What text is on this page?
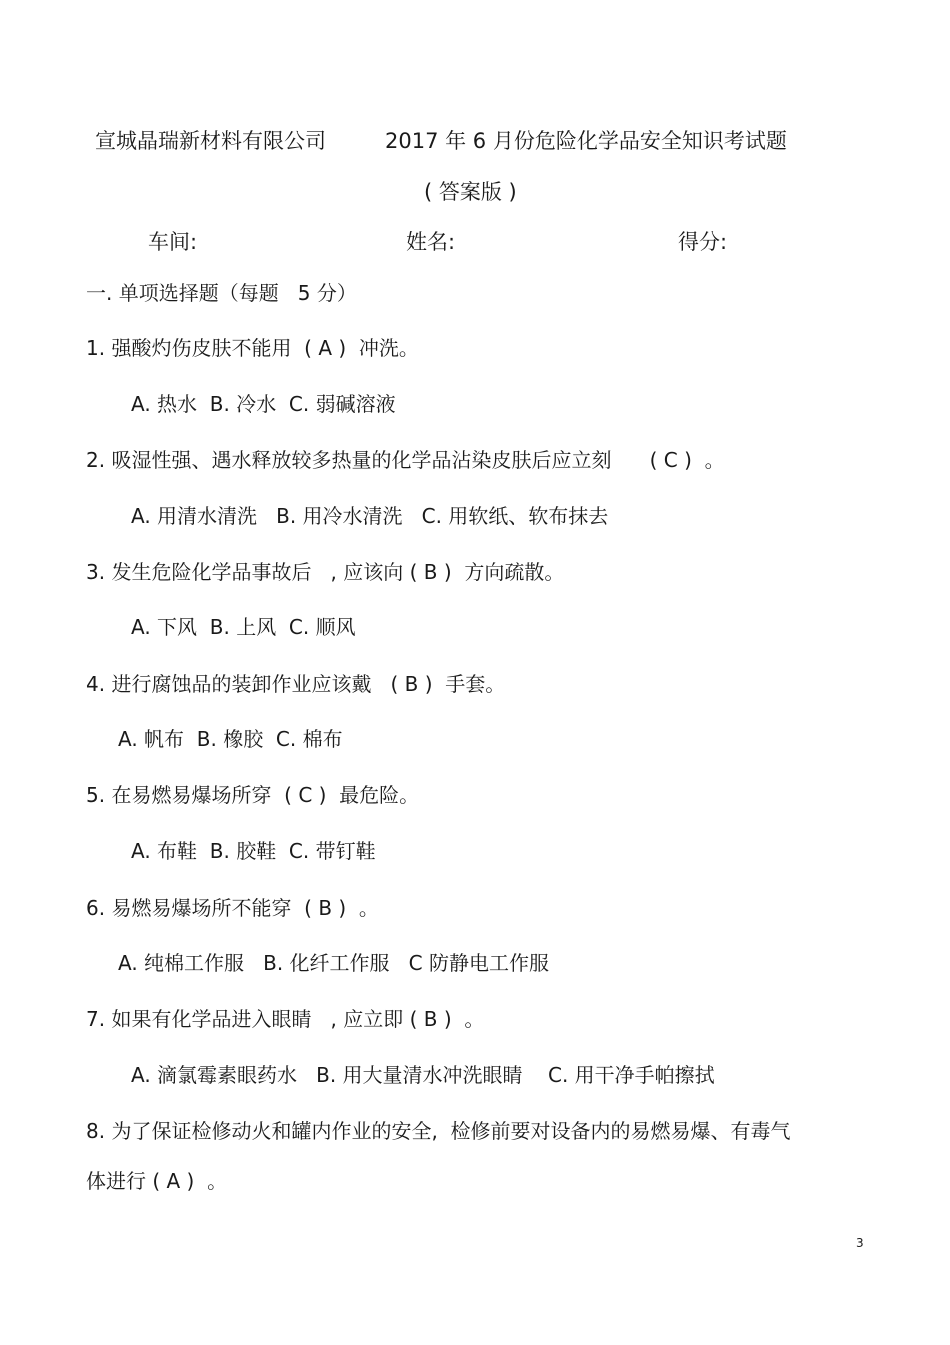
宣城晶瑞新材料有限公司	2017 年 6 月份危险化学品安全知识考试题
( 答案版 )
车间:	姓名:	得分:
一. 单项选择题（每题   5 分）
1. 强酸灼伤皮肤不能用  ( A )  冲洗。
A. 热水  B. 冷水  C. 弱碱溶液
2. 吸湿性强、遇水释放较多热量的化学品沾染皮肤后应立刻      ( C )  。
A. 用清水清洗   B. 用冷水清洗   C. 用软纸、软布抹去
3. 发生危险化学品事故后   , 应该向 ( B )  方向疏散。
A. 下风  B. 上风  C. 顺风
4. 进行腐蚀品的装卸作业应该戴   ( B )  手套。
A. 帆布  B. 橡胶  C. 棉布
5. 在易燃易爆场所穿  ( C )  最危险。
A. 布鞋  B. 胶鞋  C. 带钉鞋
6. 易燃易爆场所不能穿  ( B )  。
A. 纯棉工作服   B. 化纤工作服   C 防静电工作服
7. 如果有化学品进入眼睛   , 应立即 ( B )  。
A. 滴氯霉素眼药水   B. 用大量清水冲洗眼睛    C. 用干净手帕擦拭
8. 为了保证检修动火和罐内作业的安全,  检修前要对设备内的易燃易爆、有毒气
体进行 ( A )  。
3
